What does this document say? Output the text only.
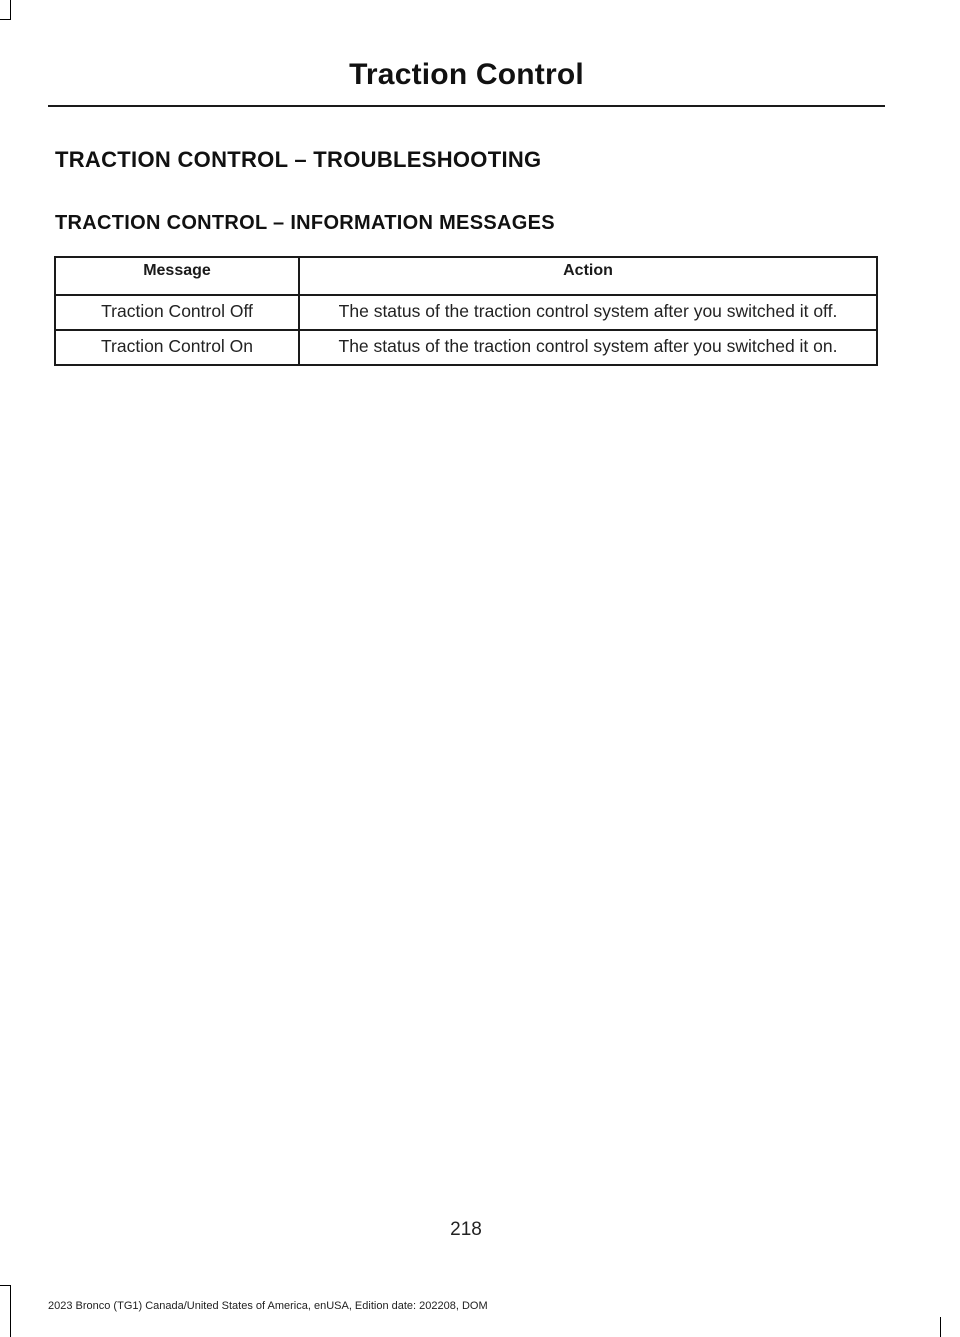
Traction Control
TRACTION CONTROL – TROUBLESHOOTING
TRACTION CONTROL – INFORMATION MESSAGES
Message	Action
Traction Control Off	The status of the traction control system after you switched it off.
Traction Control On	The status of the traction control system after you switched it on.
218
2023 Bronco (TG1) Canada/United States of America, enUSA, Edition date: 202208, DOM
